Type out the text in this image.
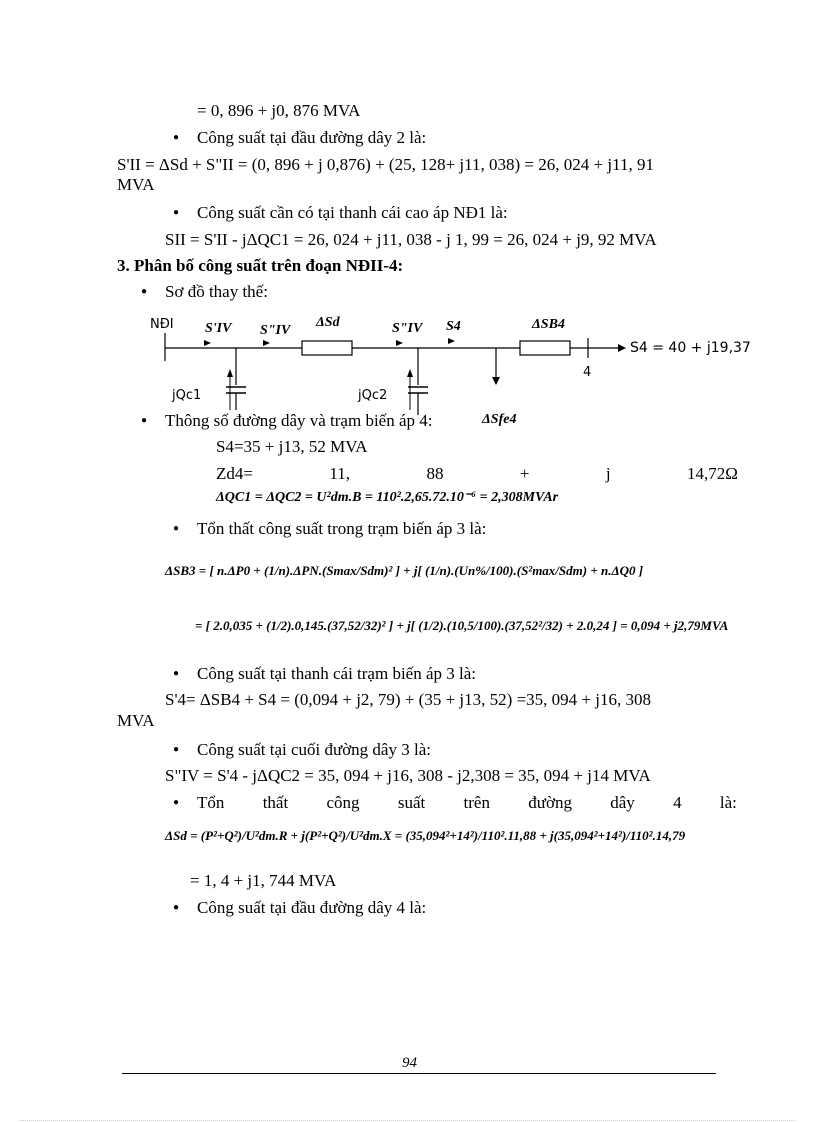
= 0, 896 + j0, 876 MVA
● Công suất tại đầu đường dây 2 là:
S'II = ΔSd + S"II = (0, 896 + j 0,876) + (25, 128+ j11, 038) = 26, 024 + j11, 91
MVA
● Công suất cần có tại thanh cái cao áp NĐ1 là:
SII = S'II - jΔQC1 = 26, 024 + j11, 038 - j 1, 99 = 26, 024 + j9, 92 MVA
3. Phân bố công suất trên đoạn NĐII-4:
● Sơ đồ thay thế:
NĐI S'IV S"IV
ΔSd	S"IV S4	ΔSB4
S4 = 40 + j19,37
jQc1	jQc2
4
ΔSfe4
● Thông số đường dây và trạm biến áp 4:
S4=35 + j13, 52 MVA
Zd4=	11,	88	+	j	14,72Ω
ΔQC1 = ΔQC2 = U²dm.B = 110².2,65.72.10⁻⁶ = 2,308MVAr
● Tổn thất công suất trong trạm biến áp 3 là:
ΔSB3 = [ n.ΔP0 + (1/n).ΔPN.(Smax/Sdm)² ] + j[ (1/n).(Un%/100).(S²max/Sdm) + n.ΔQ0 ]
= [ 2.0,035 + (1/2).0,145.(37,52/32)² ] + j[ (1/2).(10,5/100).(37,52²/32) + 2.0,24 ] = 0,094 + j2,79MVA
● Công suất tại thanh cái trạm biến áp 3 là:
S'4= ΔSB4 + S4 = (0,094 + j2, 79) + (35 + j13, 52) =35, 094 + j16, 308
MVA
● Công suất tại cuối đường dây 3 là:
S"IV = S'4 - jΔQC2 = 35, 094 + j16, 308 - j2,308 = 35, 094 + j14 MVA
● Tổn thất công suất trên đường dây 4 là:
ΔSd = (P²+Q²)/U²dm.R + j(P²+Q²)/U²dm.X = (35,094²+14²)/110².11,88 + j(35,094²+14²)/110².14,79
= 1, 4 + j1, 744 MVA
● Công suất tại đầu đường dây 4 là:
94
